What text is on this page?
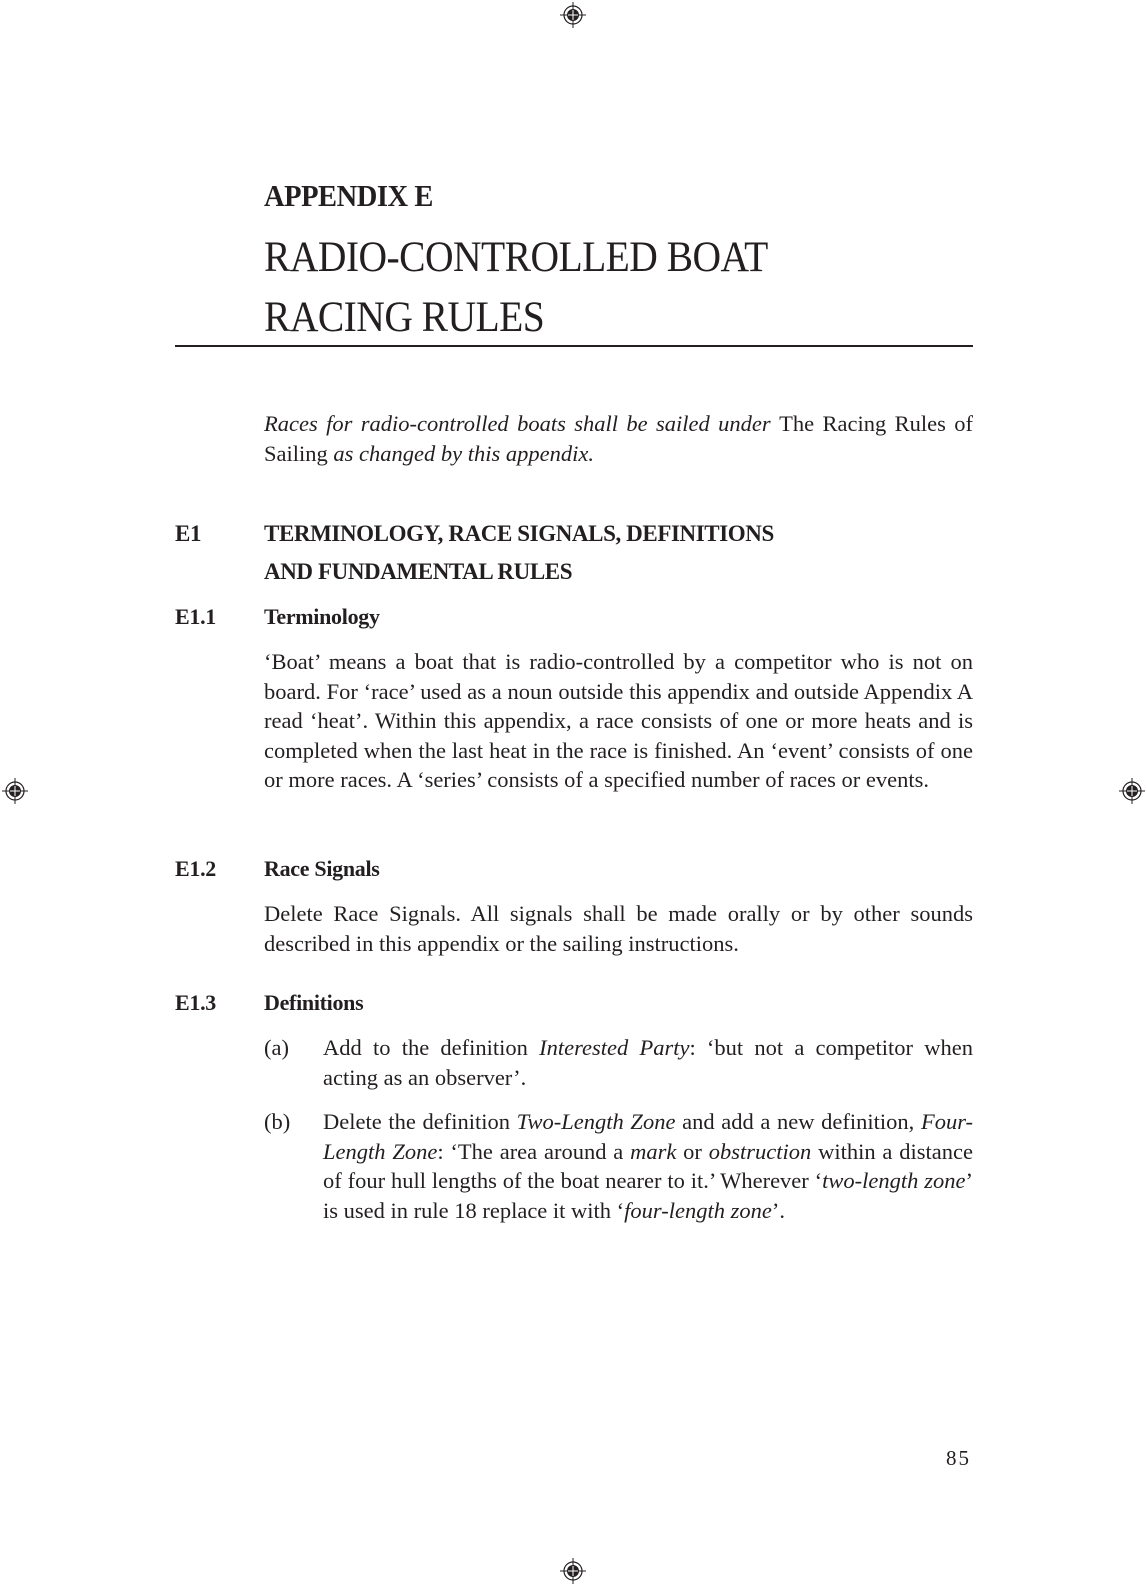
APPENDIX E
RADIO-CONTROLLED BOAT
RACING RULES

Races for radio-controlled boats shall be sailed under The Racing Rules of Sailing as changed by this appendix.

E1	TERMINOLOGY, RACE SIGNALS, DEFINITIONS
AND FUNDAMENTAL RULES
E1.1 Terminology

‘Boat’ means a boat that is radio-controlled by a competitor who is not on board. For ‘race’ used as a noun outside this appendix and outside Appendix A read ‘heat’. Within this appendix, a race consists of one or more heats and is completed when the last heat in the race is finished. An ‘event’ consists of one or more races. A ‘series’ consists of a specified number of races or events.

E1.2 Race Signals

Delete Race Signals. All signals shall be made orally or by other sounds described in this appendix or the sailing instructions.

E1.3 Definitions
(a) Add to the definition Interested Party: ‘but not a competitor when acting as an observer’.

(b) Delete the definition Two-Length Zone and add a new definition, Four-Length Zone: ‘The area around a mark or obstruction within a distance of four hull lengths of the boat nearer to it.’ Wherever ‘two-length zone’ is used in rule 18 replace it with ‘four-length zone’.

85
